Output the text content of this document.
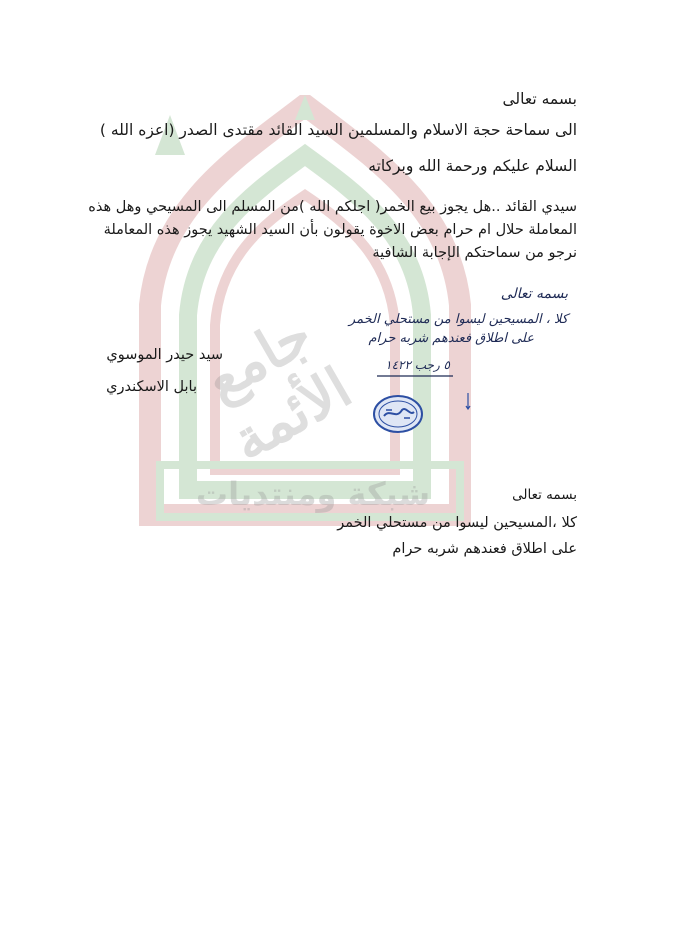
جامع الأئمة
شبكة ومنتديات
بسمه تعالى
الى سماحة حجة الاسلام والمسلمين السيد القائد مقتدى الصدر (اعزه الله )
السلام عليكم ورحمة الله وبركاته
سيدي القائد ..هل يجوز بيع الخمر( اجلكم الله )من المسلم الى المسيحي وهل هذه
المعاملة حلال ام حرام بعض الاخوة يقولون بأن السيد الشهيد يجوز هذه المعاملة
نرجو من سماحتكم الإجابة الشافية
سيد حيدر الموسوي
بابل الاسكندري
بسمه تعالى
كلا ، المسيحين ليسوا من مستحلي الخمر
على اطلاق فعندهم شربه حرام
٥ رجب ١٤٢٢
بسمه تعالى
كلا ،المسيحين ليسوا من مستحلي الخمر
على اطلاق فعندهم شربه حرام
